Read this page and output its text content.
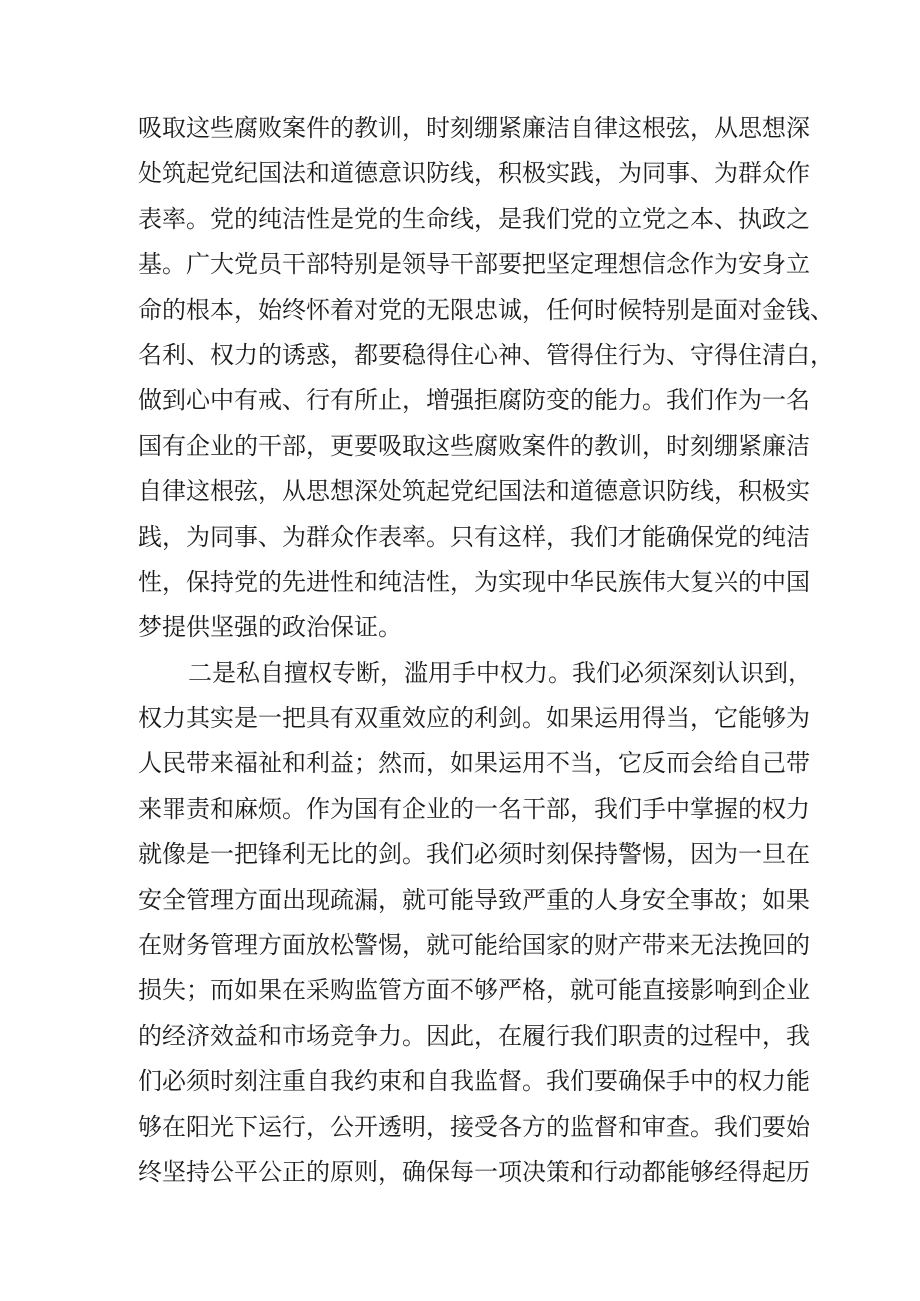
吸取这些腐败案件的教训，时刻绷紧廉洁自律这根弦，从思想深
处筑起党纪国法和道德意识防线，积极实践，为同事、为群众作
表率。党的纯洁性是党的生命线，是我们党的立党之本、执政之
基。广大党员干部特别是领导干部要把坚定理想信念作为安身立
命的根本，始终怀着对党的无限忠诚，任何时候特别是面对金钱、
名利、权力的诱惑，都要稳得住心神、管得住行为、守得住清白，
做到心中有戒、行有所止，增强拒腐防变的能力。我们作为一名
国有企业的干部，更要吸取这些腐败案件的教训，时刻绷紧廉洁
自律这根弦，从思想深处筑起党纪国法和道德意识防线，积极实
践，为同事、为群众作表率。只有这样，我们才能确保党的纯洁
性，保持党的先进性和纯洁性，为实现中华民族伟大复兴的中国
梦提供坚强的政治保证。
二是私自擅权专断，滥用手中权力。我们必须深刻认识到，
权力其实是一把具有双重效应的利剑。如果运用得当，它能够为
人民带来福祉和利益；然而，如果运用不当，它反而会给自己带
来罪责和麻烦。作为国有企业的一名干部，我们手中掌握的权力
就像是一把锋利无比的剑。我们必须时刻保持警惕，因为一旦在
安全管理方面出现疏漏，就可能导致严重的人身安全事故；如果
在财务管理方面放松警惕，就可能给国家的财产带来无法挽回的
损失；而如果在采购监管方面不够严格，就可能直接影响到企业
的经济效益和市场竞争力。因此，在履行我们职责的过程中，我
们必须时刻注重自我约束和自我监督。我们要确保手中的权力能
够在阳光下运行，公开透明，接受各方的监督和审查。我们要始
终坚持公平公正的原则，确保每一项决策和行动都能够经得起历
